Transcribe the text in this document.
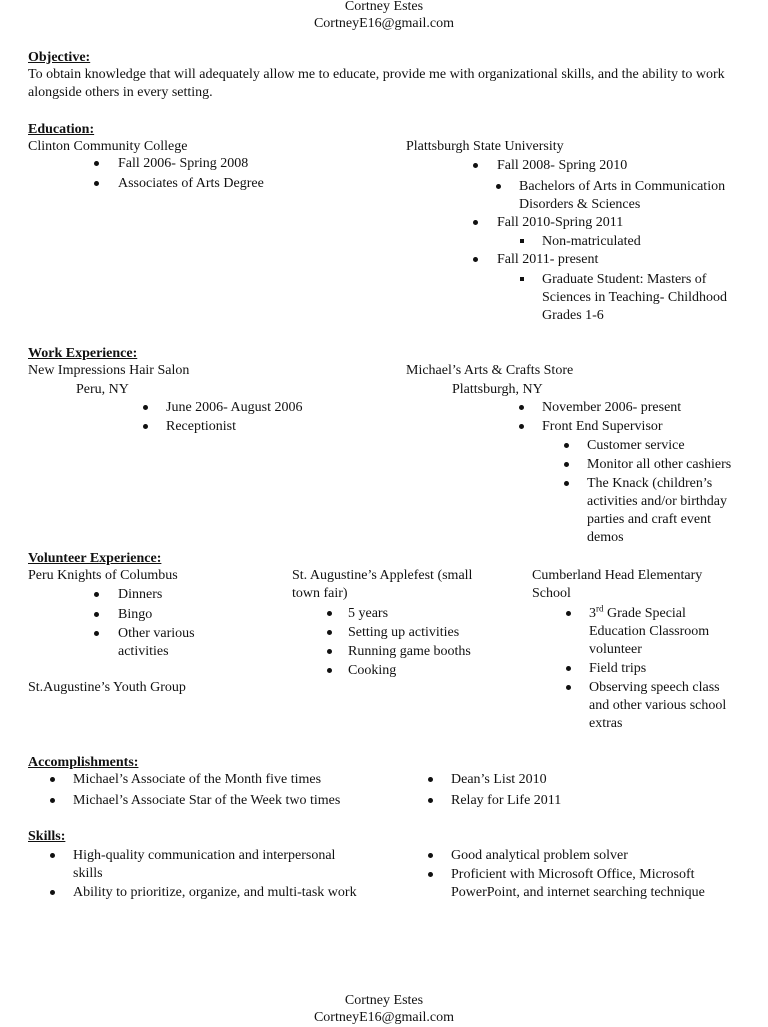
Cortney Estes
CortneyE16@gmail.com
Objective:
To obtain knowledge that will adequately allow me to educate, provide me with organizational skills, and the ability to work alongside others in every setting.
Education:
Clinton Community College
Fall 2006- Spring 2008
Associates of Arts Degree
Plattsburgh State University
Fall 2008- Spring 2010
Bachelors of Arts in Communication Disorders & Sciences
Fall 2010-Spring 2011
Non-matriculated
Fall 2011- present
Graduate Student: Masters of Sciences in Teaching- Childhood Grades 1-6
Work Experience:
New Impressions Hair Salon
Peru, NY
June 2006- August 2006
Receptionist
Michael’s Arts & Crafts Store
Plattsburgh, NY
November 2006- present
Front End Supervisor
Customer service
Monitor all other cashiers
The Knack (children’s activities and/or birthday parties and craft event demos
Volunteer Experience:
Peru Knights of Columbus
Dinners
Bingo
Other various activities
St.Augustine’s Youth Group
St. Augustine’s Applefest (small town fair)
5 years
Setting up activities
Running game booths
Cooking
Cumberland Head Elementary School
3rd Grade Special Education Classroom volunteer
Field trips
Observing speech class and other various school extras
Accomplishments:
Michael’s Associate of the Month five times
Michael’s Associate Star of the Week two times
Dean’s List 2010
Relay for Life 2011
Skills:
High-quality communication and interpersonal skills
Ability to prioritize, organize, and multi-task work
Good analytical problem solver
Proficient with Microsoft Office, Microsoft PowerPoint, and internet searching technique
Cortney Estes
CortneyE16@gmail.com
